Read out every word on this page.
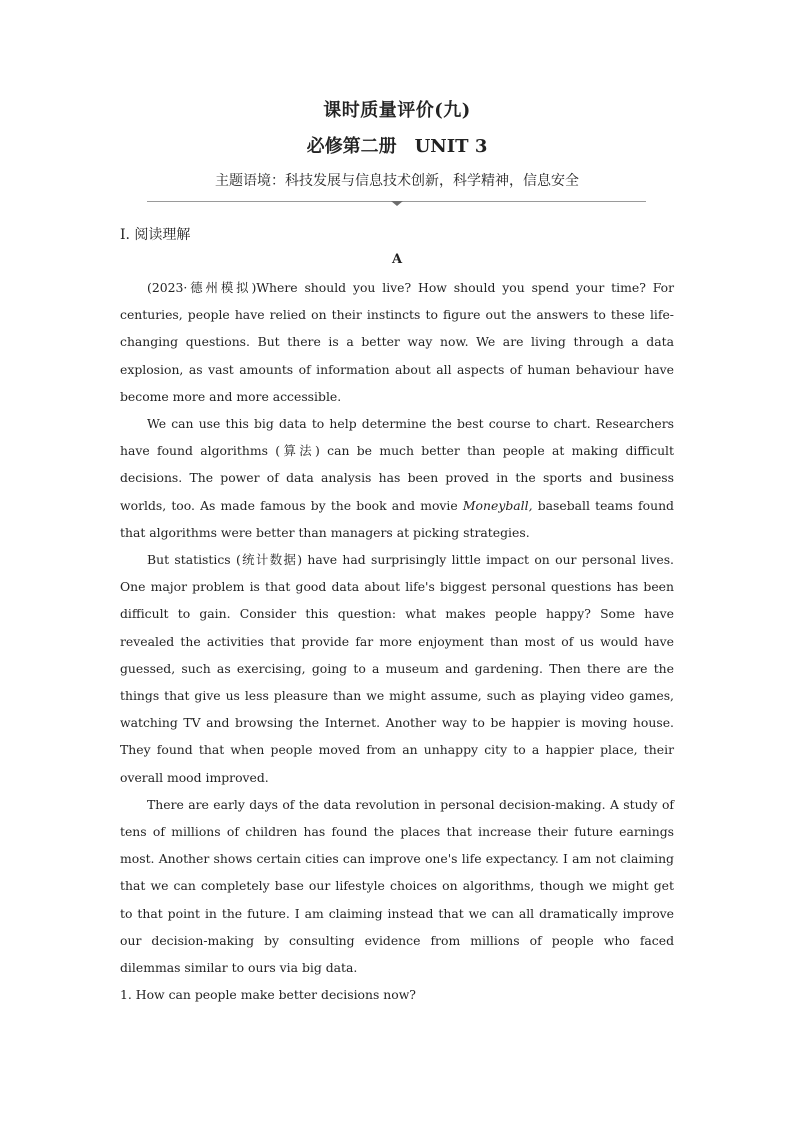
课时质量评价(九)
必修第二册 UNIT 3
主题语境：科技发展与信息技术创新，科学精神，信息安全
Ⅰ. 阅读理解
A

(2023·德州模拟)Where should you live? How should you spend your time? For centuries, people have relied on their instincts to figure out the answers to these life-changing questions. But there is a better way now. We are living through a data explosion, as vast amounts of information about all aspects of human behaviour have become more and more accessible.

We can use this big data to help determine the best course to chart. Researchers have found algorithms (算法) can be much better than people at making difficult decisions. The power of data analysis has been proved in the sports and business worlds, too. As made famous by the book and movie Moneyball, baseball teams found that algorithms were better than managers at picking strategies.

But statistics (统计数据) have had surprisingly little impact on our personal lives. One major problem is that good data about life's biggest personal questions has been difficult to gain. Consider this question: what makes people happy? Some have revealed the activities that provide far more enjoyment than most of us would have guessed, such as exercising, going to a museum and gardening. Then there are the things that give us less pleasure than we might assume, such as playing video games, watching TV and browsing the Internet. Another way to be happier is moving house. They found that when people moved from an unhappy city to a happier place, their overall mood improved.

There are early days of the data revolution in personal decision-making. A study of tens of millions of children has found the places that increase their future earnings most. Another shows certain cities can improve one's life expectancy. I am not claiming that we can completely base our lifestyle choices on algorithms, though we might get to that point in the future. I am claiming instead that we can all dramatically improve our decision-making by consulting evidence from millions of people who faced dilemmas similar to ours via big data.

1. How can people make better decisions now?
